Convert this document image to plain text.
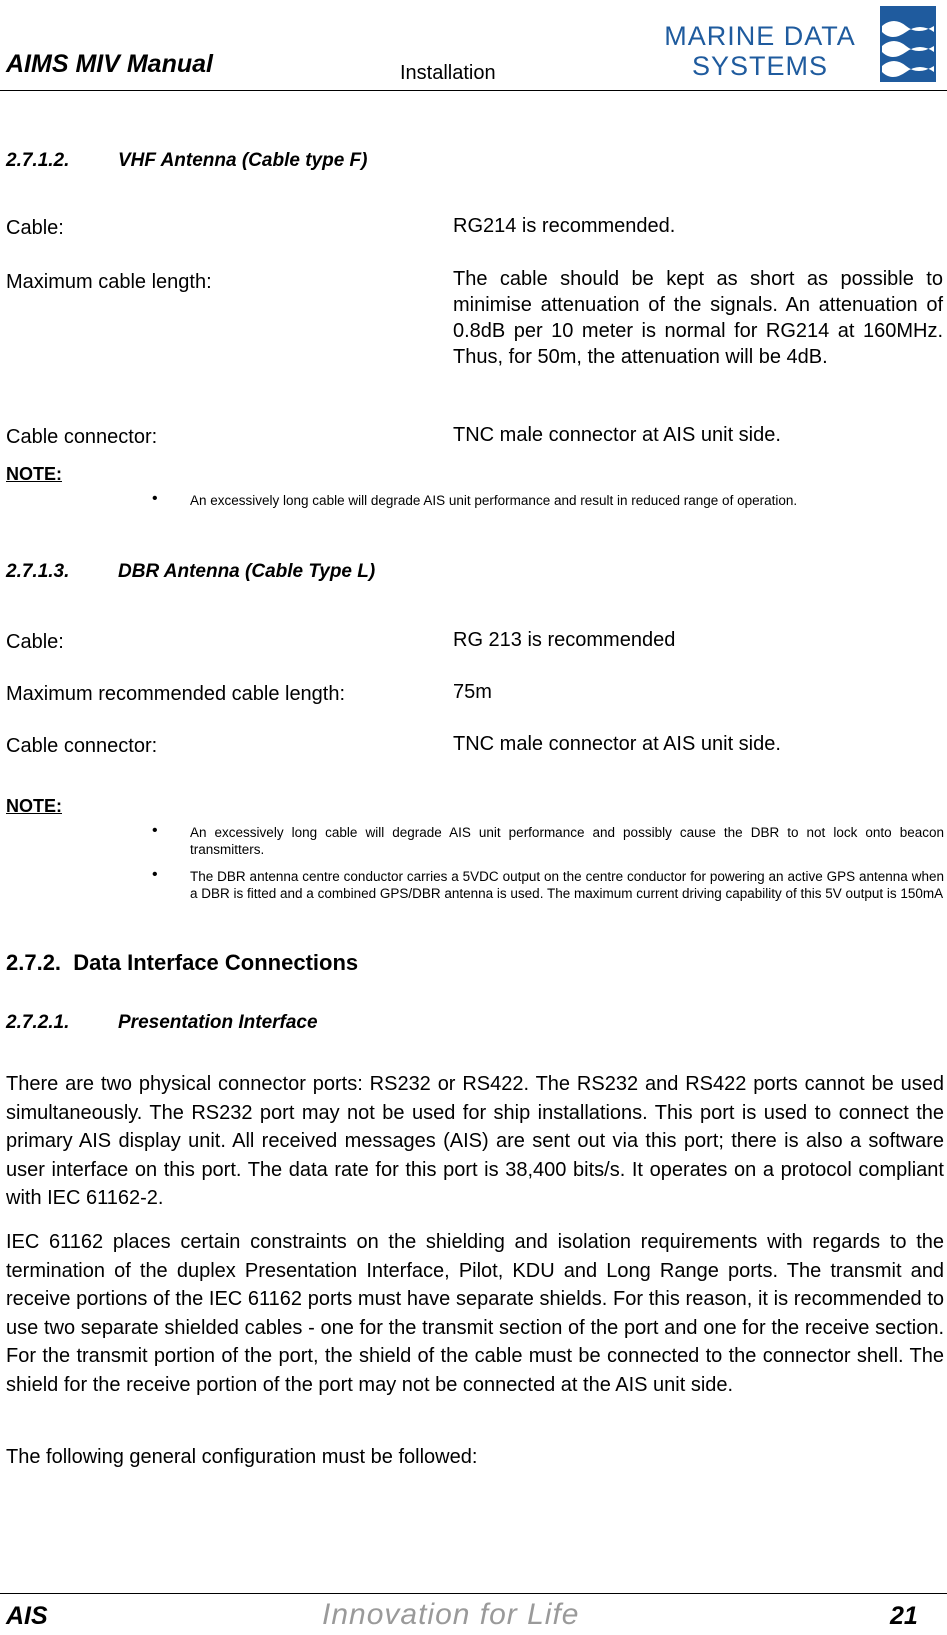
AIMS MIV Manual	Installation
MARINE DATA
SYSTEMS
2.7.1.2.	VHF Antenna (Cable type F)
Cable:	RG214 is recommended.
Maximum cable length:	The cable should be kept as short as possible to minimise attenuation of the signals. An attenuation of 0.8dB per 10 meter is normal for RG214 at 160MHz. Thus, for 50m, the attenuation will be 4dB.
Cable connector:	TNC male connector at AIS unit side.
NOTE:
• An excessively long cable will degrade AIS unit performance and result in reduced range of operation.
2.7.1.3.	DBR Antenna (Cable Type L)
Cable:	RG 213 is recommended
Maximum recommended cable length:	75m
Cable connector:	TNC male connector at AIS unit side.
NOTE:
• An excessively long cable will degrade AIS unit performance and possibly cause the DBR to not lock onto beacon transmitters.
• The DBR antenna centre conductor carries a 5VDC output on the centre conductor for powering an active GPS antenna when a DBR is fitted and a combined GPS/DBR antenna is used. The maximum current driving capability of this 5V output is 150mA
2.7.2. Data Interface Connections
2.7.2.1.	Presentation Interface
There are two physical connector ports: RS232 or RS422. The RS232 and RS422 ports cannot be used simultaneously. The RS232 port may not be used for ship installations. This port is used to connect the primary AIS display unit. All received messages (AIS) are sent out via this port; there is also a software user interface on this port. The data rate for this port is 38,400 bits/s. It operates on a protocol compliant with IEC 61162-2.
IEC 61162 places certain constraints on the shielding and isolation requirements with regards to the termination of the duplex Presentation Interface, Pilot, KDU and Long Range ports. The transmit and receive portions of the IEC 61162 ports must have separate shields. For this reason, it is recommended to use two separate shielded cables - one for the transmit section of the port and one for the receive section. For the transmit portion of the port, the shield of the cable must be connected to the connector shell. The shield for the receive portion of the port may not be connected at the AIS unit side.
The following general configuration must be followed:
AIS	Innovation for Life	21
